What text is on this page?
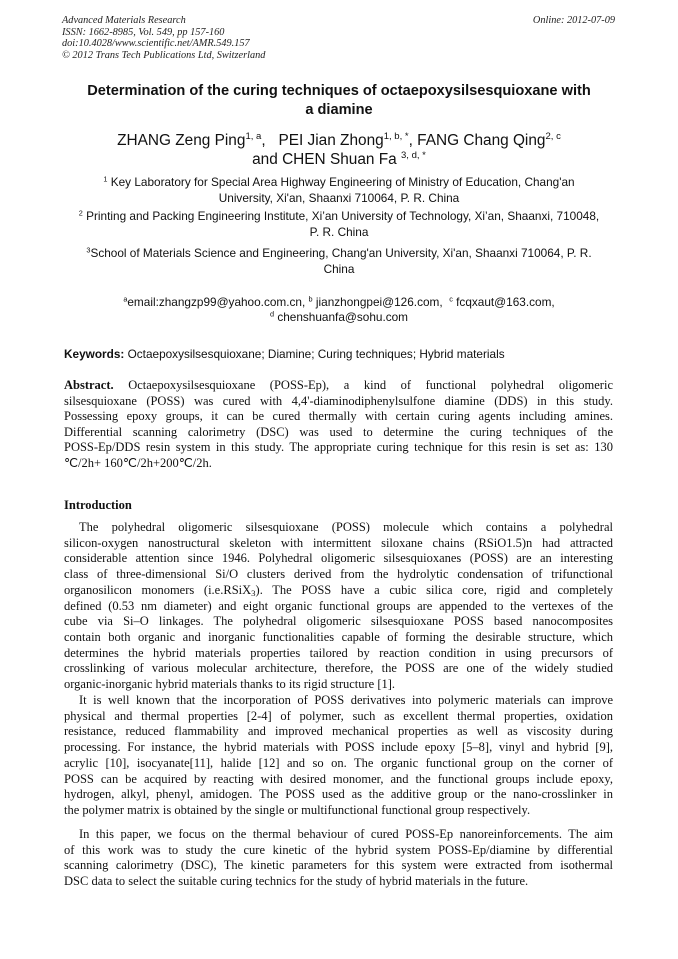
Advanced Materials Research
ISSN: 1662-8985, Vol. 549, pp 157-160
doi:10.4028/www.scientific.net/AMR.549.157
© 2012 Trans Tech Publications Ltd, Switzerland
Online: 2012-07-09
Determination of the curing techniques of octaepoxysilsesquioxane with
a diamine
ZHANG Zeng Ping$^{1, a}$,   PEI Jian Zhong$^{1, b, *}$, FANG Chang Qing$^{2, c}$
and CHEN Shuan Fa $^{3, d, *}$
$^1$ Key Laboratory for Special Area Highway Engineering of Ministry of Education, Chang'an
University, Xi'an, Shaanxi 710064, P. R. China
$^2$ Printing and Packing Engineering Institute, Xi’an University of Technology, Xi’an, Shaanxi, 710048,
P. R. China
$^3$School of Materials Science and Engineering, Chang'an University, Xi'an, Shaanxi 710064, P. R.
China
$^a$email:zhangzp99@yahoo.com.cn, $^b$ jianzhongpei@126.com,  $^c$ fcqxaut@163.com,
$^d$ chenshuanfa@sohu.com
Keywords: Octaepoxysilsesquioxane; Diamine; Curing techniques; Hybrid materials
Abstract. Octaepoxysilsesquioxane (POSS-Ep), a kind of functional polyhedral oligomeric
silsesquioxane (POSS) was cured with 4,4'-diaminodiphenylsulfone diamine (DDS) in this study.
Possessing epoxy groups, it can be cured thermally with certain curing agents including amines.
Differential scanning calorimetry (DSC) was used to determine the curing techniques of the
POSS-Ep/DDS resin system in this study. The appropriate curing technique for this resin is set as: 130
℃/2h+ 160℃/2h+200℃/2h.
Introduction
The polyhedral oligomeric silsesquioxane (POSS) molecule which contains a polyhedral
silicon-oxygen nanostructural skeleton with intermittent siloxane chains (RSiO1.5)n had attracted
considerable attention since 1946. Polyhedral oligomeric silsesquioxanes (POSS) are an interesting
class of three-dimensional Si/O clusters derived from the hydrolytic condensation of trifunctional
organosilicon monomers (i.e.RSiX$_3$). The POSS have a cubic silica core, rigid and completely
defined (0.53 nm diameter) and eight organic functional groups are appended to the vertexes of the
cube via Si–O linkages. The polyhedral oligomeric silsesquioxane POSS based nanocomposites
contain both organic and inorganic functionalities capable of forming the desirable structure, which
determines the hybrid materials properties tailored by reaction condition in using precursors of
crosslinking of various molecular architecture, therefore, the POSS are one of the widely studied
organic-inorganic hybrid materials thanks to its rigid structure [1].
It is well known that the incorporation of POSS derivatives into polymeric materials can improve
physical and thermal properties [2-4] of polymer, such as excellent thermal properties, oxidation
resistance, reduced flammability and improved mechanical properties as well as viscosity during
processing. For instance, the hybrid materials with POSS include epoxy [5–8], vinyl and hybrid [9],
acrylic [10], isocyanate[11], halide [12] and so on. The organic functional group on the corner of
POSS can be acquired by reacting with desired monomer, and the functional groups include epoxy,
hydrogen, alkyl, phenyl, amidogen. The POSS used as the additive group or the nano-crosslinker in
the polymer matrix is obtained by the single or multifunctional functional group respectively.
In this paper, we focus on the thermal behaviour of cured POSS-Ep nanoreinforcements. The aim
of this work was to study the cure kinetic of the hybrid system POSS-Ep/diamine by differential
scanning calorimetry (DSC), The kinetic parameters for this system were extracted from isothermal
DSC data to select the suitable curing technics for the study of hybrid materials in the future.
